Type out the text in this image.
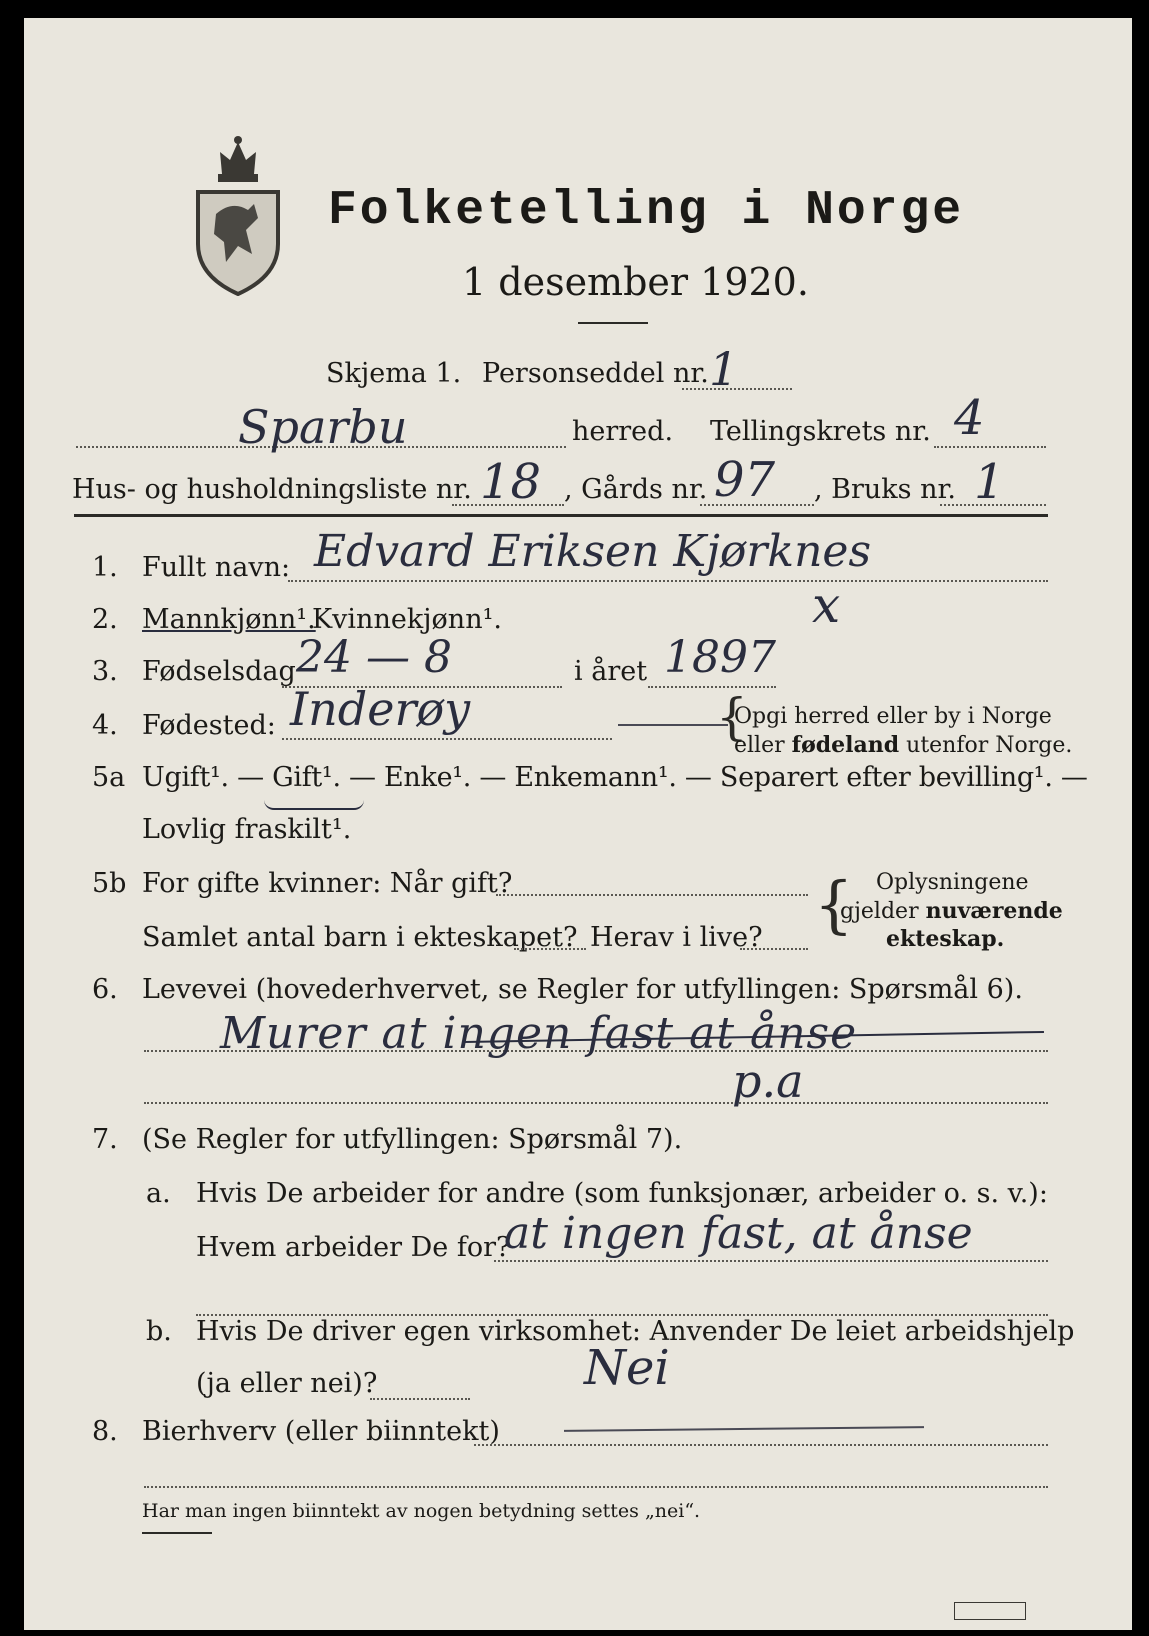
Folketelling i Norge
1 desember 1920.
Skjema 1. Personseddel nr. 1
Sparbu	herred. Tellingskrets nr. 4
Hus- og husholdningsliste nr. 18 , Gårds nr. 97 , Bruks nr. 1
1. Fullt navn: Edvard Eriksen Kjørknes
2. Mannkjønn¹.
Kvinnekjønn¹.	x
3. Fødselsdag 24 — 8	i året 1897
4. Fødested: Inderøy	{
Opgi herred eller by i Norge
eller fødeland utenfor Norge.
5a Ugift¹. — Gift¹. — Enke¹. — Enkemann¹. — Separert efter bevilling¹. —
Lovlig fraskilt¹.
5b For gifte kvinner: Når gift?
Samlet antal barn i ekteskapet? Herav i live? { Oplysningene
gjelder nuværende
ekteskap.
6. Levevei (hovederhvervet, se Regler for utfyllingen: Spørsmål 6).
Murer at ingen fast at ånse
p.a
7. (Se Regler for utfyllingen: Spørsmål 7).
a. Hvis De arbeider for andre (som funksjonær, arbeider o. s. v.):
Hvem arbeider De for?
at ingen fast, at ånse
b. Hvis De driver egen virksomhet: Anvender De leiet arbeidshjelp
(ja eller nei)?	Nei
8. Bierhverv (eller biinntekt)
Har man ingen biinntekt av nogen betydning settes „nei“.
